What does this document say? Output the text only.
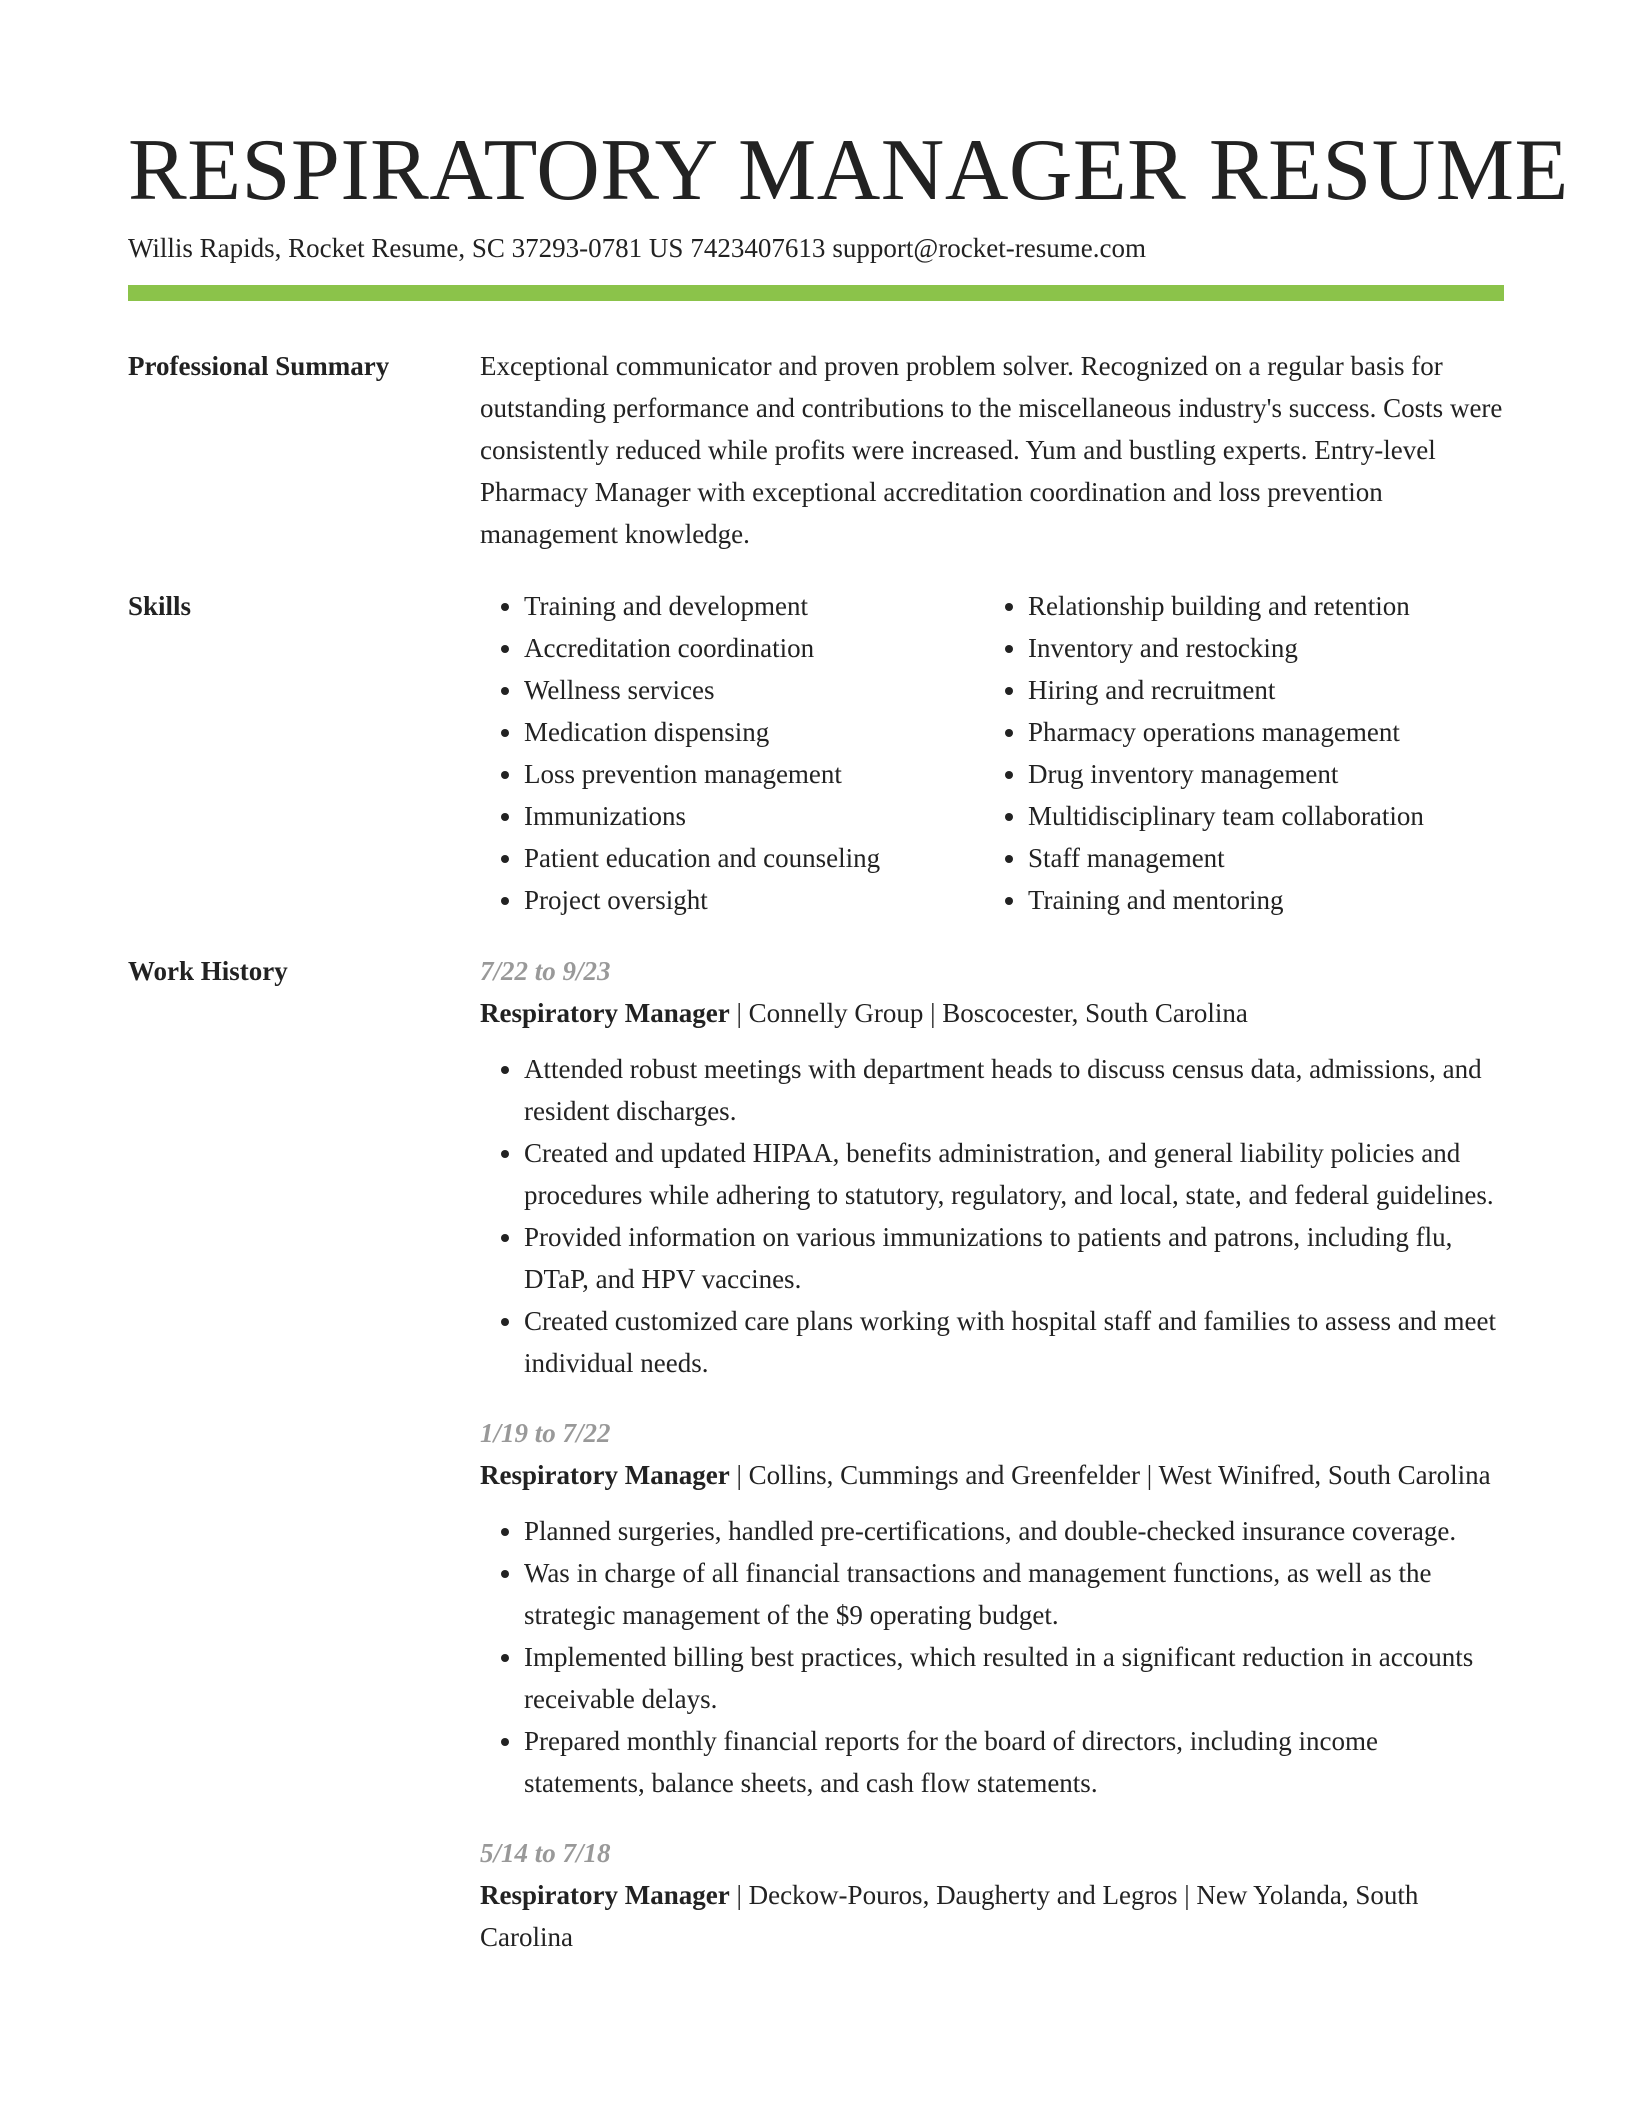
RESPIRATORY MANAGER RESUME
Willis Rapids, Rocket Resume, SC 37293-0781 US 7423407613 support@rocket-resume.com
Professional Summary	Exceptional communicator and proven problem solver. Recognized on a regular basis for outstanding performance and contributions to the miscellaneous industry's success. Costs were consistently reduced while profits were increased. Yum and bustling experts. Entry-level Pharmacy Manager with exceptional accreditation coordination and loss prevention management knowledge.

Skills
•	Training and development
• Accreditation coordination
• Wellness services
• Medication dispensing
• Loss prevention management
• Immunizations
• Patient education and counseling
• Project oversight
• Relationship building and retention
• Inventory and restocking
• Hiring and recruitment
• Pharmacy operations management
• Drug inventory management
• Multidisciplinary team collaboration
• Staff management
• Training and mentoring
Work History	7/22 to 9/23
Respiratory Manager | Connelly Group | Boscocester, South Carolina
• Attended robust meetings with department heads to discuss census data, admissions, and resident discharges.
• Created and updated HIPAA, benefits administration, and general liability policies and procedures while adhering to statutory, regulatory, and local, state, and federal guidelines.
• Provided information on various immunizations to patients and patrons, including flu, DTaP, and HPV vaccines.
• Created customized care plans working with hospital staff and families to assess and meet individual needs.
1/19 to 7/22
Respiratory Manager | Collins, Cummings and Greenfelder | West Winifred, South Carolina
• Planned surgeries, handled pre-certifications, and double-checked insurance coverage.
• Was in charge of all financial transactions and management functions, as well as the strategic management of the $9 operating budget.
• Implemented billing best practices, which resulted in a significant reduction in accounts receivable delays.
• Prepared monthly financial reports for the board of directors, including income statements, balance sheets, and cash flow statements.
5/14 to 7/18
Respiratory Manager | Deckow-Pouros, Daugherty and Legros | New Yolanda, South Carolina
